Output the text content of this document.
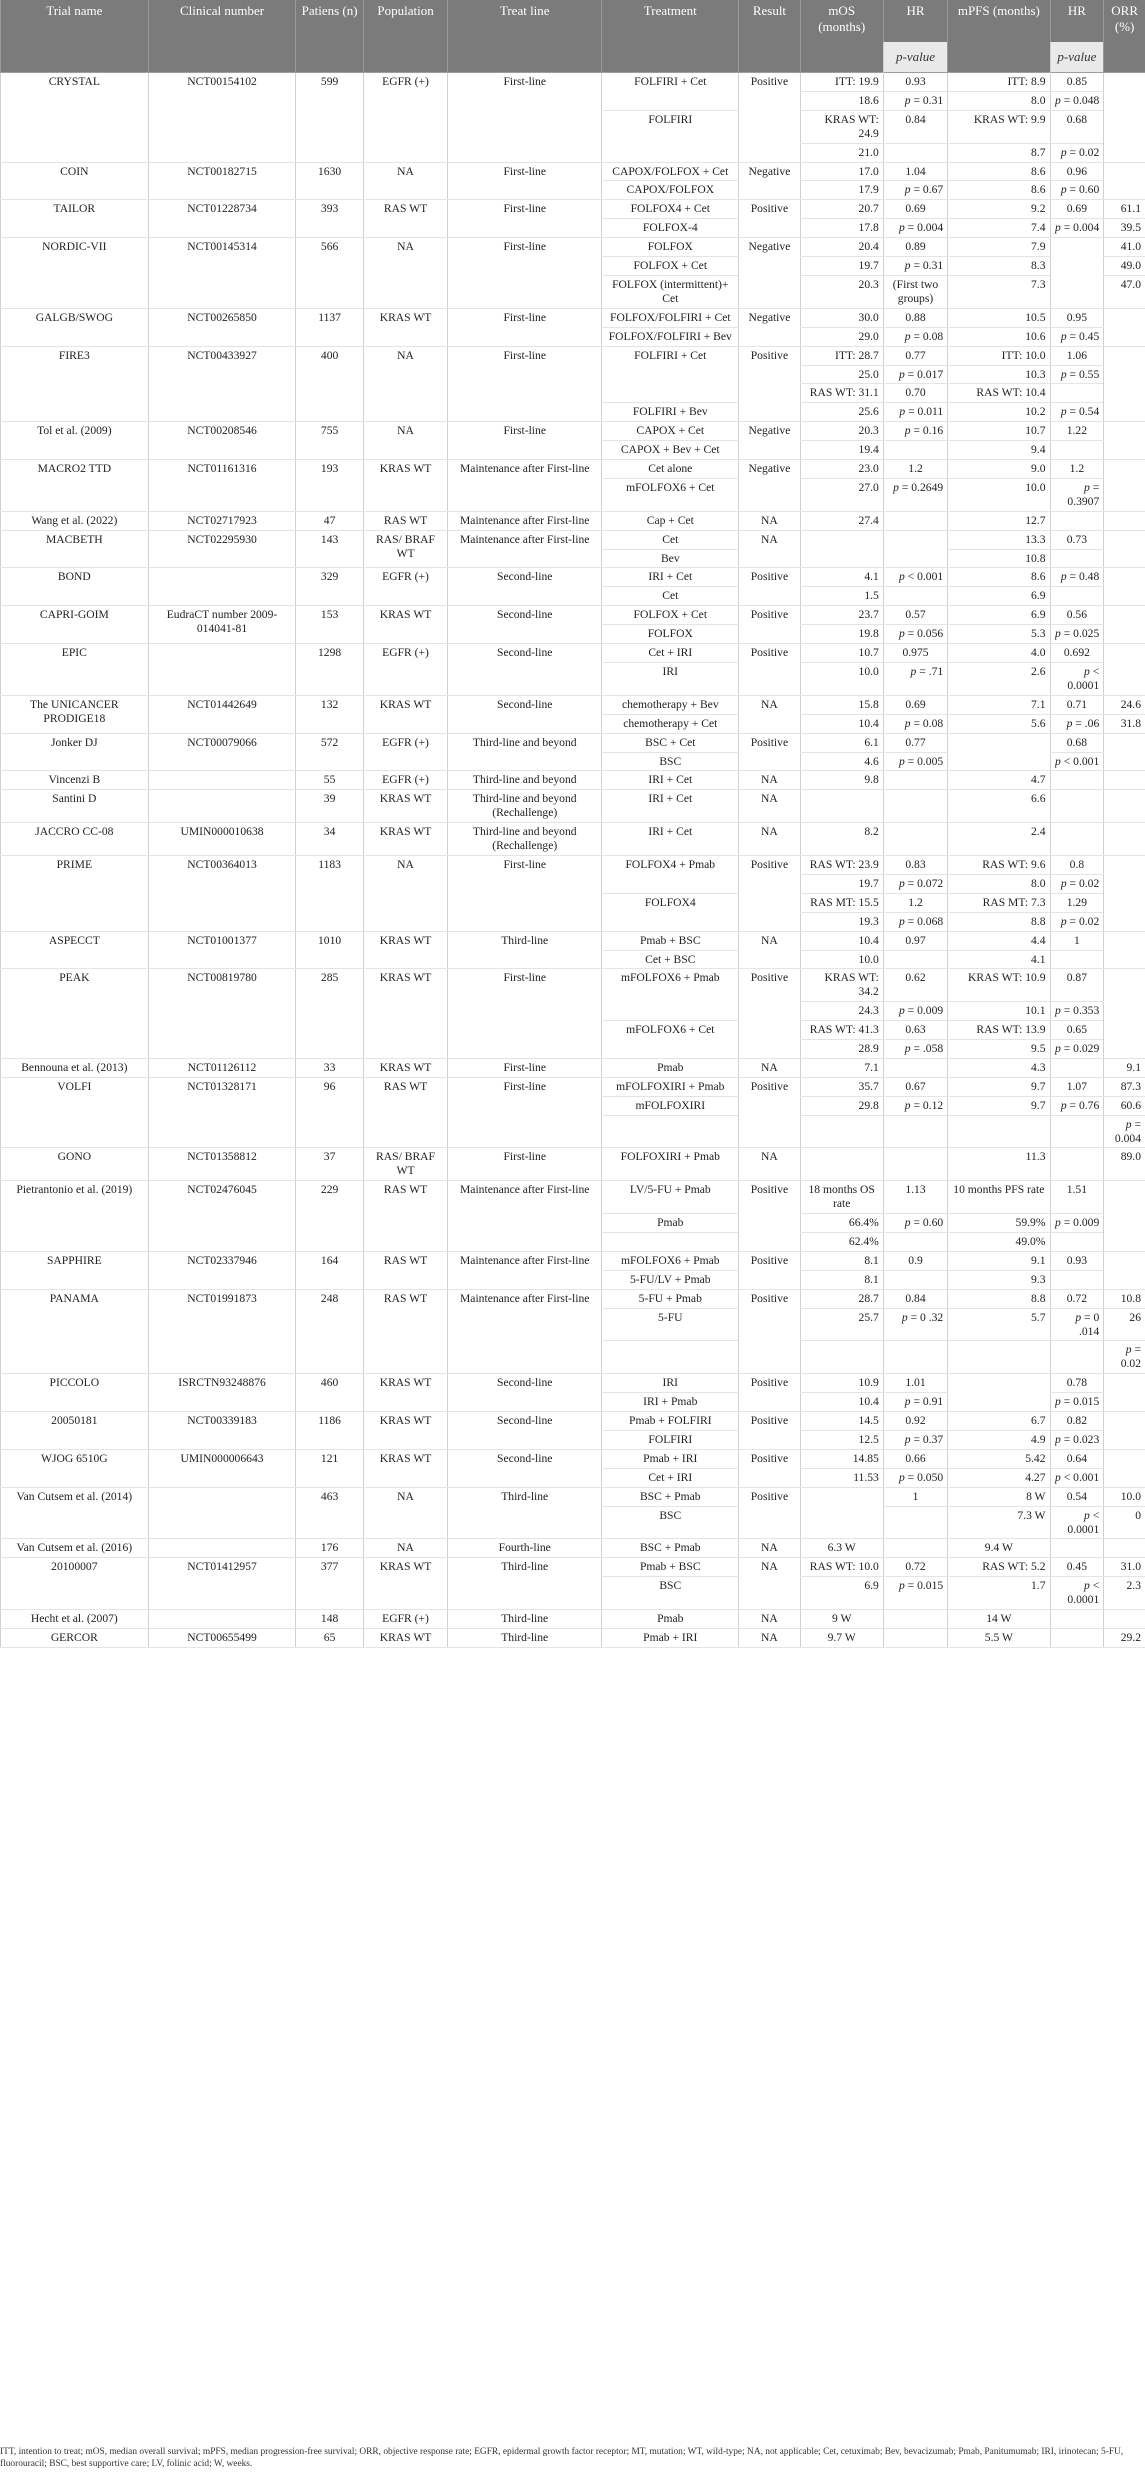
Trial name	Clinical number	Patiens (n)	Population	Treat line	Treatment	Result	mOS (months)	HR	mPFS (months)	HR	ORR (%)
								p-value		p-value	
CRYSTAL	NCT00154102	599	EGFR (+)	First-line	FOLFIRI + Cet	Positive	ITT: 19.9	0.93	ITT: 8.9	0.85	
							18.6	p = 0.31	8.0	p = 0.048	
					FOLFIRI		KRAS WT: 24.9	0.84	KRAS WT: 9.9	0.68	
							21.0		8.7	p = 0.02	
COIN	NCT00182715	1630	NA	First-line	CAPOX/FOLFOX + Cet	Negative	17.0	1.04	8.6	0.96	
					CAPOX/FOLFOX		17.9	p = 0.67	8.6	p = 0.60	
TAILOR	NCT01228734	393	RAS WT	First-line	FOLFOX4 + Cet	Positive	20.7	0.69	9.2	0.69	61.1
					FOLFOX-4		17.8	p = 0.004	7.4	p = 0.004	39.5
NORDIC-VII	NCT00145314	566	NA	First-line	FOLFOX	Negative	20.4	0.89	7.9		41.0
					FOLFOX + Cet		19.7	p = 0.31	8.3		49.0
					FOLFOX (intermittent)+ Cet		20.3	(First two groups)	7.3		47.0
GALGB/SWOG	NCT00265850	1137	KRAS WT	First-line	FOLFOX/FOLFIRI + Cet	Negative	30.0	0.88	10.5	0.95	
					FOLFOX/FOLFIRI + Bev		29.0	p = 0.08	10.6	p = 0.45	
FIRE3	NCT00433927	400	NA	First-line	FOLFIRI + Cet	Positive	ITT: 28.7	0.77	ITT: 10.0	1.06	
							25.0	p = 0.017	10.3	p = 0.55	
							RAS WT: 31.1	0.70	RAS WT: 10.4		
					FOLFIRI + Bev		25.6	p = 0.011	10.2	p = 0.54	
Tol et al. (2009)	NCT00208546	755	NA	First-line	CAPOX + Cet	Negative	20.3	p = 0.16	10.7	1.22	
					CAPOX + Bev + Cet		19.4		9.4		
MACRO2 TTD	NCT01161316	193	KRAS WT	Maintenance after First-line	Cet alone	Negative	23.0	1.2	9.0	1.2	
					mFOLFOX6 + Cet		27.0	p = 0.2649	10.0	p = 0.3907	
Wang et al. (2022)	NCT02717923	47	RAS WT	Maintenance after First-line	Cap + Cet	NA	27.4		12.7		
MACBETH	NCT02295930	143	RAS/ BRAF WT	Maintenance after First-line	Cet	NA			13.3	0.73	
					Bev				10.8		
BOND		329	EGFR (+)	Second-line	IRI + Cet	Positive	4.1	p < 0.001	8.6	p = 0.48	
					Cet		1.5		6.9		
CAPRI-GOIM	EudraCT number 2009-014041-81	153	KRAS WT	Second-line	FOLFOX + Cet	Positive	23.7	0.57	6.9	0.56	
					FOLFOX		19.8	p = 0.056	5.3	p = 0.025	
EPIC		1298	EGFR (+)	Second-line	Cet + IRI	Positive	10.7	0.975	4.0	0.692	
					IRI		10.0	p = .71	2.6	p < 0.0001	
The UNICANCER PRODIGE18	NCT01442649	132	KRAS WT	Second-line	chemotherapy + Bev	NA	15.8	0.69	7.1	0.71	24.6
					chemotherapy + Cet		10.4	p = 0.08	5.6	p = .06	31.8
Jonker DJ	NCT00079066	572	EGFR (+)	Third-line and beyond	BSC + Cet	Positive	6.1	0.77		0.68	
					BSC		4.6	p = 0.005		p < 0.001	
Vincenzi B		55	EGFR (+)	Third-line and beyond	IRI + Cet	NA	9.8		4.7		
Santini D		39	KRAS WT	Third-line and beyond (Rechallenge)	IRI + Cet	NA			6.6		
JACCRO CC-08	UMIN000010638	34	KRAS WT	Third-line and beyond (Rechallenge)	IRI + Cet	NA	8.2		2.4		
PRIME	NCT00364013	1183	NA	First-line	FOLFOX4 + Pmab	Positive	RAS WT: 23.9	0.83	RAS WT: 9.6	0.8	
							19.7	p = 0.072	8.0	p = 0.02	
					FOLFOX4		RAS MT: 15.5	1.2	RAS MT: 7.3	1.29	
							19.3	p = 0.068	8.8	p = 0.02	
ASPECCT	NCT01001377	1010	KRAS WT	Third-line	Pmab + BSC	NA	10.4	0.97	4.4	1	
					Cet + BSC		10.0		4.1		
PEAK	NCT00819780	285	KRAS WT	First-line	mFOLFOX6 + Pmab	Positive	KRAS WT: 34.2	0.62	KRAS WT: 10.9	0.87	
							24.3	p = 0.009	10.1	p = 0.353	
					mFOLFOX6 + Cet		RAS WT: 41.3	0.63	RAS WT: 13.9	0.65	
							28.9	p = .058	9.5	p = 0.029	
Bennouna et al. (2013)	NCT01126112	33	KRAS WT	First-line	Pmab	NA	7.1		4.3		9.1
VOLFI	NCT01328171	96	RAS WT	First-line	mFOLFOXIRI + Pmab	Positive	35.7	0.67	9.7	1.07	87.3
					mFOLFOXIRI		29.8	p = 0.12	9.7	p = 0.76	60.6
											p = 0.004
GONO	NCT01358812	37	RAS/ BRAF WT	First-line	FOLFOXIRI + Pmab	NA			11.3		89.0
Pietrantonio et al. (2019)	NCT02476045	229	RAS WT	Maintenance after First-line	LV/5-FU + Pmab	Positive	18 months OS rate	1.13	10 months PFS rate	1.51	
					Pmab		66.4%	p = 0.60	59.9%	p = 0.009	
							62.4%		49.0%		
SAPPHIRE	NCT02337946	164	RAS WT	Maintenance after First-line	mFOLFOX6 + Pmab	Positive	8.1	0.9	9.1	0.93	
					5-FU/LV + Pmab		8.1		9.3		
PANAMA	NCT01991873	248	RAS WT	Maintenance after First-line	5-FU + Pmab	Positive	28.7	0.84	8.8	0.72	10.8
					5-FU		25.7	p = 0 .32	5.7	p = 0 .014	26
											p = 0.02
PICCOLO	ISRCTN93248876	460	KRAS WT	Second-line	IRI	Positive	10.9	1.01		0.78	
					IRI + Pmab		10.4	p = 0.91		p = 0.015	
20050181	NCT00339183	1186	KRAS WT	Second-line	Pmab + FOLFIRI	Positive	14.5	0.92	6.7	0.82	
					FOLFIRI		12.5	p = 0.37	4.9	p = 0.023	
WJOG 6510G	UMIN000006643	121	KRAS WT	Second-line	Pmab + IRI	Positive	14.85	0.66	5.42	0.64	
					Cet + IRI		11.53	p = 0.050	4.27	p < 0.001	
Van Cutsem et al. (2014)		463	NA	Third-line	BSC + Pmab	Positive		1	8 W	0.54	10.0
					BSC				7.3 W	p < 0.0001	0
Van Cutsem et al. (2016)		176	NA	Fourth-line	BSC + Pmab	NA	6.3 W		9.4 W		
20100007	NCT01412957	377	KRAS WT	Third-line	Pmab + BSC	NA	RAS WT: 10.0	0.72	RAS WT: 5.2	0.45	31.0
					BSC		6.9	p = 0.015	1.7	p < 0.0001	2.3
Hecht et al. (2007)		148	EGFR (+)	Third-line	Pmab	NA	9 W		14 W		
GERCOR	NCT00655499	65	KRAS WT	Third-line	Pmab + IRI	NA	9.7 W		5.5 W		29.2
ITT, intention to treat; mOS, median overall survival; mPFS, median progression-free survival; ORR, objective response rate; EGFR, epidermal growth factor receptor; MT, mutation; WT, wild-type; NA, not applicable; Cet, cetuximab; Bev, bevacizumab; Pmab, Panitumumab; IRI, irinotecan; 5-FU, fluorouracil; BSC, best supportive care; LV, folinic acid; W, weeks.
